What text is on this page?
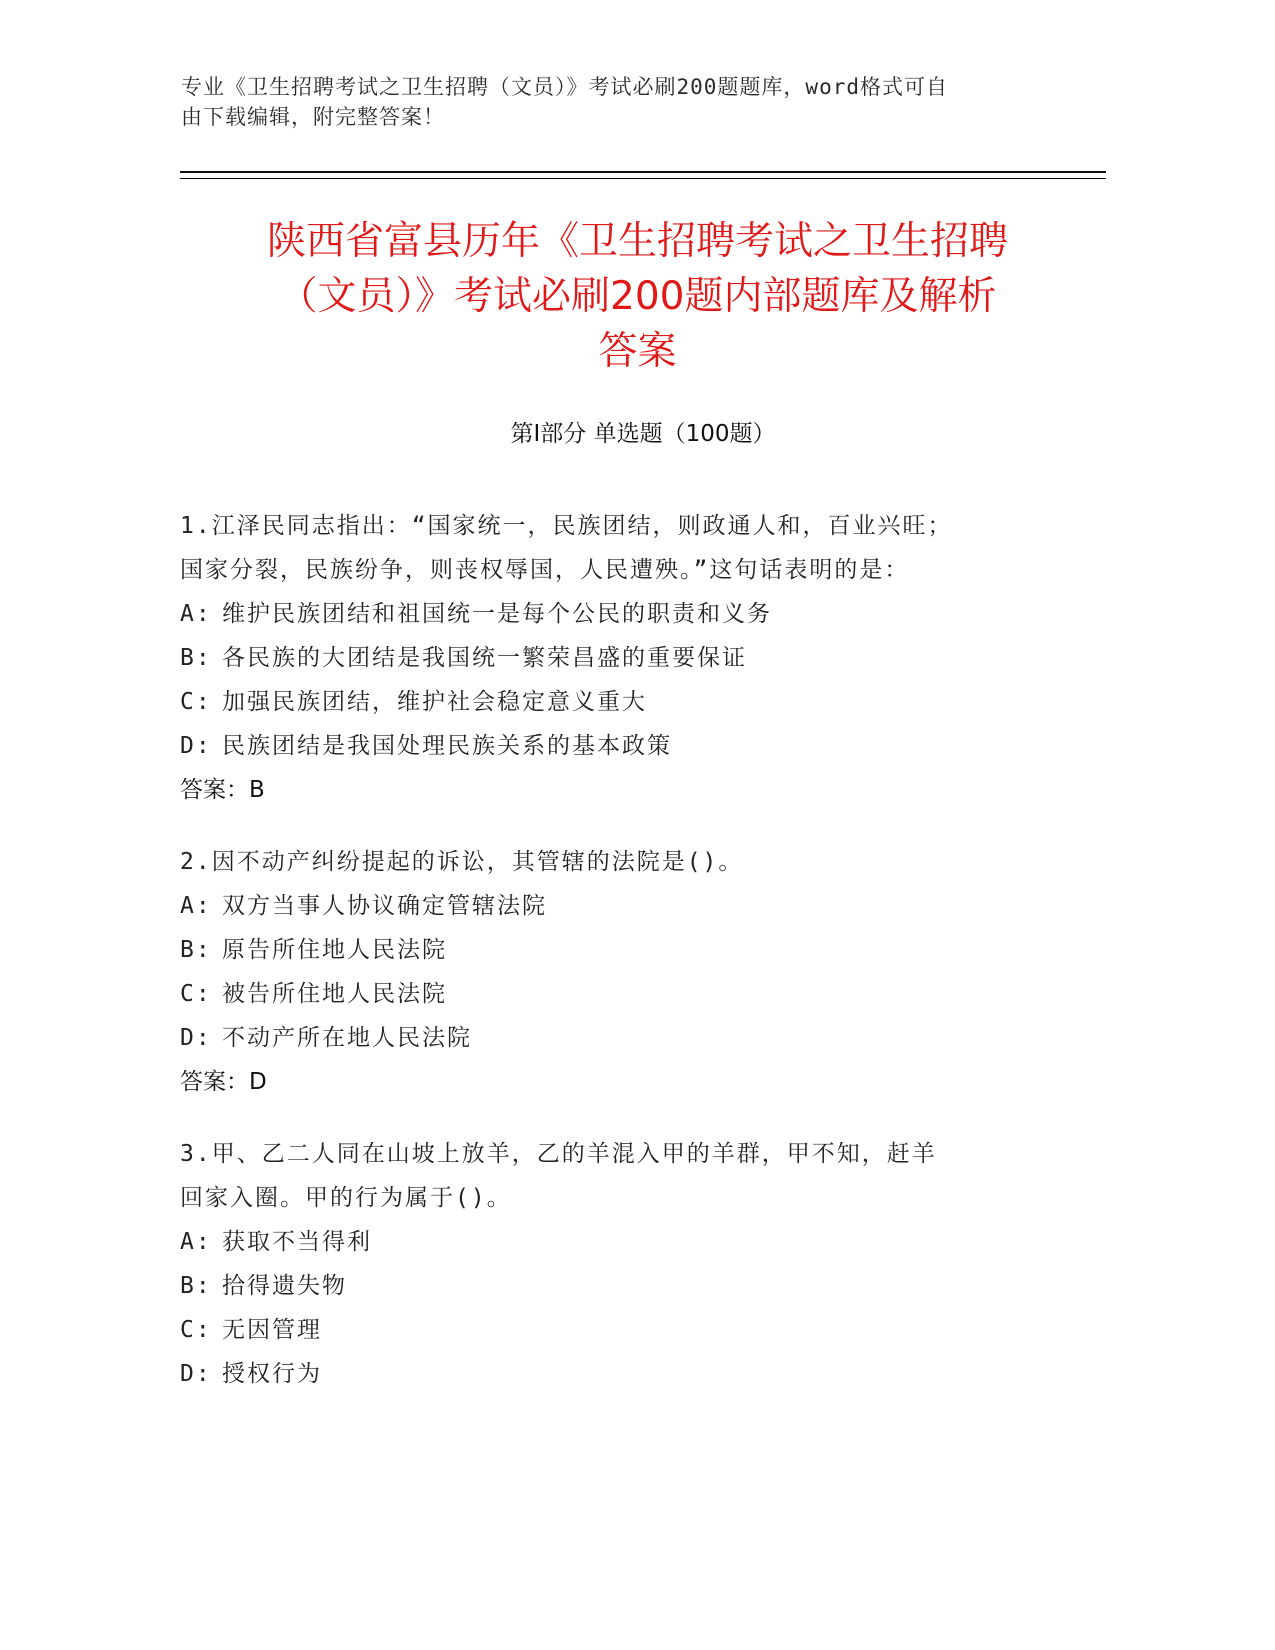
专业《卫生招聘考试之卫生招聘（文员）》考试必刷200题题库，word格式可自
由下载编辑，附完整答案！
陕西省富县历年《卫生招聘考试之卫生招聘
（文员）》考试必刷200题内部题库及解析
答案
第Ⅰ部分 单选题（100题）
1.江泽民同志指出：“国家统一，民族团结，则政通人和，百业兴旺；
国家分裂，民族纷争，则丧权辱国，人民遭殃。”这句话表明的是：
A: 维护民族团结和祖国统一是每个公民的职责和义务
B: 各民族的大团结是我国统一繁荣昌盛的重要保证
C: 加强民族团结，维护社会稳定意义重大
D: 民族团结是我国处理民族关系的基本政策
答案：B
2.因不动产纠纷提起的诉讼，其管辖的法院是()。
A: 双方当事人协议确定管辖法院
B: 原告所住地人民法院
C: 被告所住地人民法院
D: 不动产所在地人民法院
答案：D
3.甲、乙二人同在山坡上放羊，乙的羊混入甲的羊群，甲不知，赶羊
回家入圈。甲的行为属于()。
A: 获取不当得利
B: 拾得遗失物
C: 无因管理
D: 授权行为
